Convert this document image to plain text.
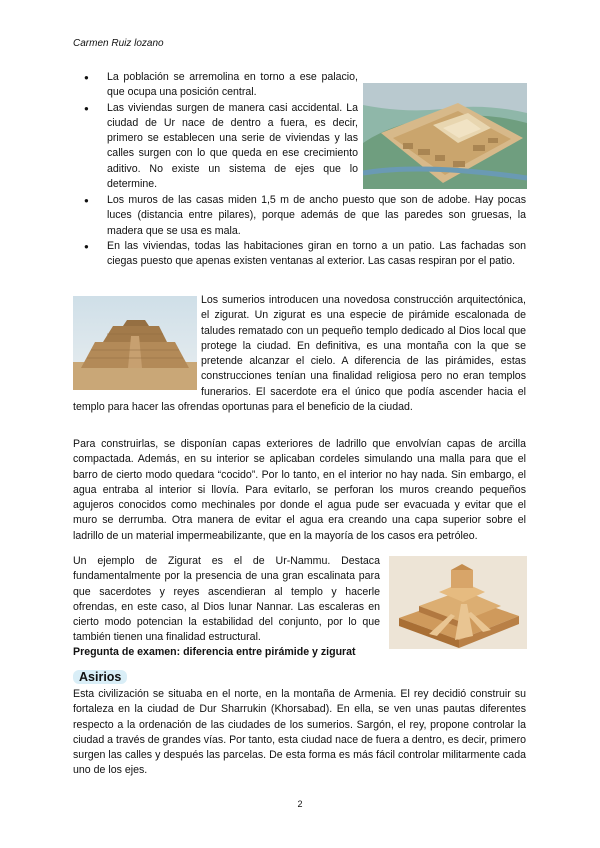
Carmen Ruiz lozano
● La población se arremolina en torno a ese palacio, que ocupa una posición central.
● Las viviendas surgen de manera casi accidental. La ciudad de Ur nace de dentro a fuera, es decir, primero se establecen una serie de viviendas y las calles surgen con lo que queda en ese crecimiento aditivo. No existe un sistema de ejes que lo determine.
● Los muros de las casas miden 1,5 m de ancho puesto que son de adobe. Hay pocas luces (distancia entre pilares), porque además de que las paredes son gruesas, la madera que se usa es mala.
● En las viviendas, todas las habitaciones giran en torno a un patio. Las fachadas son ciegas puesto que apenas existen ventanas al exterior. Las casas respiran por el patio.
Los sumerios introducen una novedosa construcción arquitectónica, el zigurat. Un zigurat es una especie de pirámide escalonada de taludes rematado con un pequeño templo dedicado al Dios local que protege la ciudad. En definitiva, es una montaña con la que se pretende alcanzar el cielo. A diferencia de las pirámides, estas construcciones tenían una finalidad religiosa pero no eran templos funerarios. El sacerdote era el único que podía ascender hacia el templo para hacer las ofrendas oportunas para el beneficio de la ciudad.
Para construirlas, se disponían capas exteriores de ladrillo que envolvían capas de arcilla compactada. Además, en su interior se aplicaban cordeles simulando una malla para que el barro de cierto modo quedara “cocido”. Por lo tanto, en el interior no hay nada. Sin embargo, el agua entraba al interior si llovía. Para evitarlo, se perforan los muros creando pequeños agujeros conocidos como mechinales por donde el agua pude ser evacuada y evitar que el muro se derrumba. Otra manera de evitar el agua era creando una capa superior sobre el ladrillo de un material impermeabilizante, que en la mayoría de los casos era petróleo.
Un ejemplo de Zigurat es el de Ur-Nammu. Destaca fundamentalmente por la presencia de una gran escalinata para que sacerdotes y reyes ascendieran al templo y hacerle ofrendas, en este caso, al Dios lunar Nannar. Las escaleras en cierto modo potencian la estabilidad del conjunto, por lo que también tienen una finalidad estructural.
Pregunta de examen: diferencia entre pirámide y zigurat
Asirios
Esta civilización se situaba en el norte, en la montaña de Armenia. El rey decidió construir su fortaleza en la ciudad de Dur Sharrukin (Khorsabad). En ella, se ven unas pautas diferentes respecto a la ordenación de las ciudades de los sumerios. Sargón, el rey, propone controlar la ciudad a través de grandes vías. Por tanto, esta ciudad nace de fuera a dentro, es decir, primero surgen las calles y después las parcelas. De esta forma es más fácil controlar militarmente cada uno de los ejes.
2
